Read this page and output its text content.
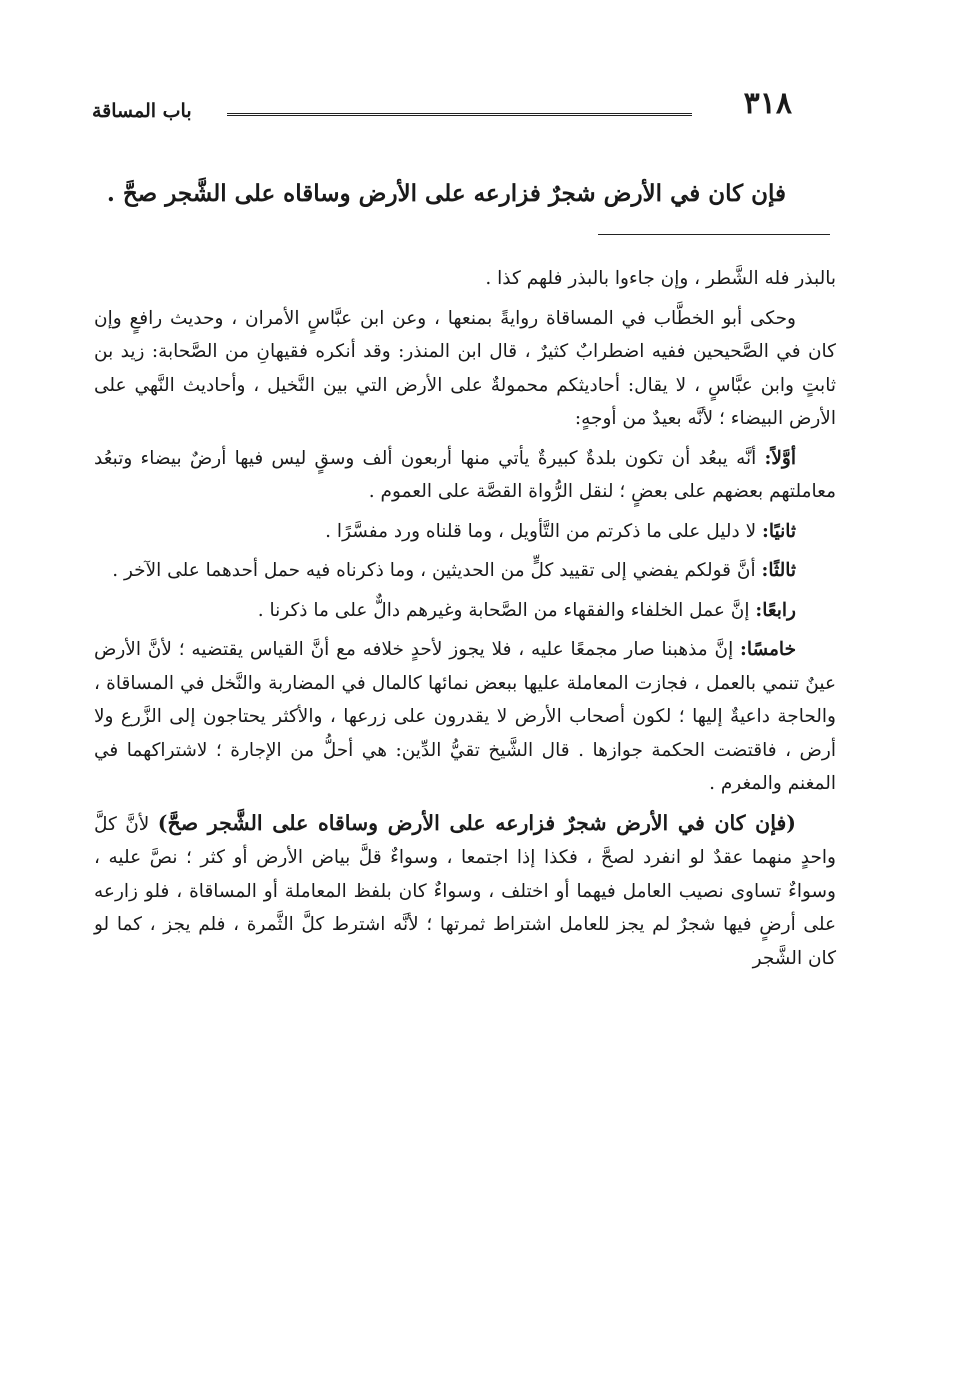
٣١٨
باب المساقة
فإن كان في الأرض شجرٌ فزارعه على الأرض وساقاه على الشَّجر صحَّ .

بالبذر فله الشَّطر ، وإن جاءوا بالبذر فلهم كذا .

وحكى أبو الخطَّاب في المساقاة روايةً بمنعها ، وعن ابن عبَّاسٍ الأمران ، وحديث رافعٍ وإن كان في الصَّحيحين ففيه اضطرابٌ كثيرٌ ، قال ابن المنذر: وقد أنكره فقيهانِ من الصَّحابة: زيد بن ثابتٍ وابن عبَّاسٍ ، لا يقال: أحاديثكم محمولةٌ على الأرض التي بين النَّخيل ، وأحاديث النَّهي على الأرض البيضاء ؛ لأنَّه بعيدٌ من أوجهٍ:

أوَّلاً: أنَّه يبعُد أن تكون بلدةٌ كبيرةٌ يأتي منها أربعون ألف وسقٍ ليس فيها أرضٌ بيضاء وتبعُد معاملتهم بعضهم على بعضٍ ؛ لنقل الرُّواة القصَّة على العموم .

ثانيًا: لا دليل على ما ذكرتم من التَّأويل ، وما قلناه ورد مفسَّرًا .

ثالثًا: أنَّ قولكم يفضي إلى تقييد كلٍّ من الحديثين ، وما ذكرناه فيه حمل أحدهما على الآخر .

رابعًا: إنَّ عمل الخلفاء والفقهاء من الصَّحابة وغيرهم دالٌّ على ما ذكرنا .

خامسًا: إنَّ مذهبنا صار مجمعًا عليه ، فلا يجوز لأحدٍ خلافه مع أنَّ القياس يقتضيه ؛ لأنَّ الأرض عينٌ تنمي بالعمل ، فجازت المعاملة عليها ببعض نمائها كالمال في المضاربة والنَّخل في المساقاة ، والحاجة داعيةٌ إليها ؛ لكون أصحاب الأرض لا يقدرون على زرعها ، والأكثر يحتاجون إلى الزَّرع ولا أرض ، فاقتضت الحكمة جوازها . قال الشَّيخ تقيُّ الدِّين: هي أحلُّ من الإجارة ؛ لاشتراكهما في المغنم والمغرم .

(فإن كان في الأرض شجرٌ فزارعه على الأرض وساقاه على الشَّجر صحَّ) لأنَّ كلَّ واحدٍ منهما عقدٌ لو انفرد لصحَّ ، فكذا إذا اجتمعا ، وسواءٌ قلَّ بياض الأرض أو كثر ؛ نصَّ عليه ، وسواءٌ تساوى نصيب العامل فيهما أو اختلف ، وسواءٌ كان بلفظ المعاملة أو المساقاة ، فلو زارعه على أرضٍ فيها شجرٌ لم يجز للعامل اشتراط ثمرتها ؛ لأنَّه اشترط كلَّ الثَّمرة ، فلم يجز ، كما لو كان الشَّجر
